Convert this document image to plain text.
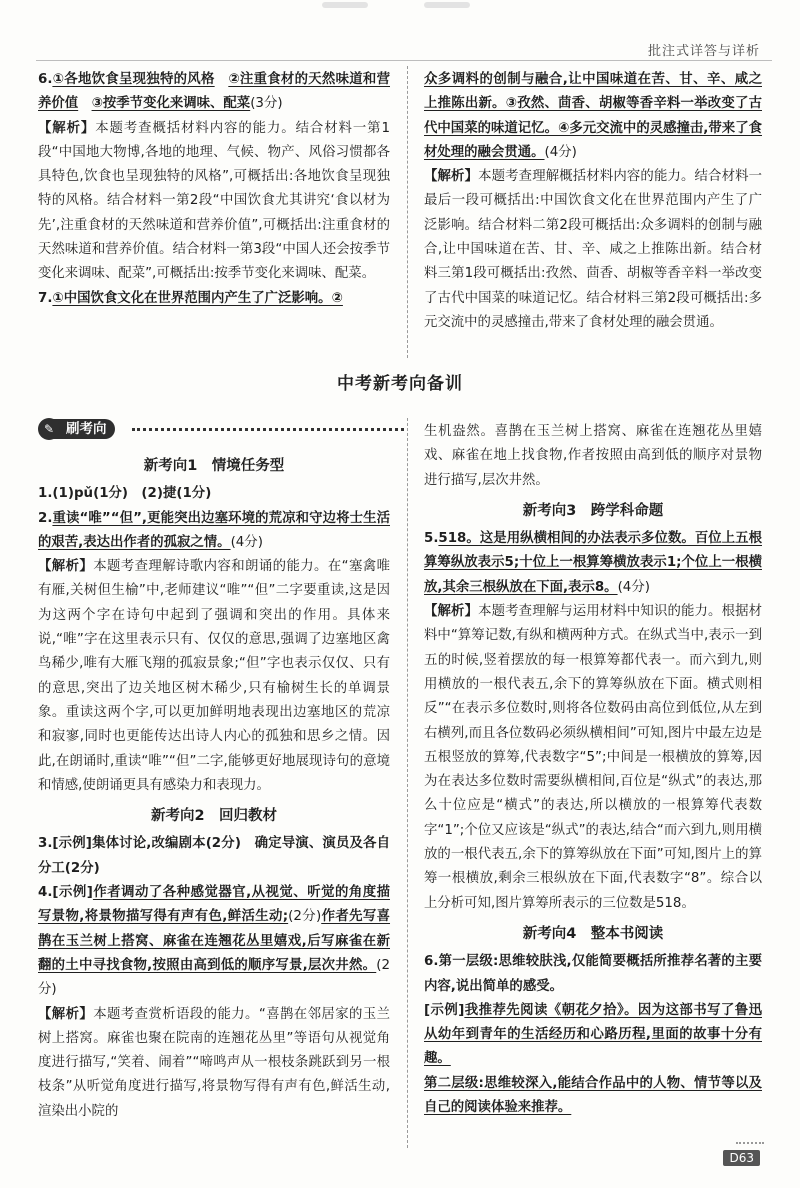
批注式详答与详析

6.①各地饮食呈现独特的风格　 ②注重食材的天然味道和营养价值　 ③按季节变化来调味、配菜(3分)

【解析】本题考查概括材料内容的能力。结合材料一第1段“中国地大物博,各地的地理、气候、物产、风俗习惯都各具特色,饮食也呈现独特的风格”,可概括出:各地饮食呈现独特的风格。结合材料一第2段“中国饮食尤其讲究‘食以材为先’,注重食材的天然味道和营养价值”,可概括出:注重食材的天然味道和营养价值。结合材料一第3段“中国人还会按季节变化来调味、配菜”,可概括出:按季节变化来调味、配菜。

7.①中国饮食文化在世界范围内产生了广泛影响。②

众多调料的创制与融合,让中国味道在苦、甘、辛、咸之上推陈出新。③孜然、茴香、胡椒等香辛料一举改变了古代中国菜的味道记忆。④多元交流中的灵感撞击,带来了食材处理的融会贯通。(4分)

【解析】本题考查理解概括材料内容的能力。结合材料一最后一段可概括出:中国饮食文化在世界范围内产生了广泛影响。结合材料二第2段可概括出:众多调料的创制与融合,让中国味道在苦、甘、辛、咸之上推陈出新。结合材料三第1段可概括出:孜然、茴香、胡椒等香辛料一举改变了古代中国菜的味道记忆。结合材料三第2段可概括出:多元交流中的灵感撞击,带来了食材处理的融会贯通。

中考新考向备训
刷考向
✎
新考向1　情境任务型

1.(1)pǔ(1分)　(2)捷(1分)

2.重读“唯”“但”,更能突出边塞环境的荒凉和守边将士生活的艰苦,表达出作者的孤寂之情。(4分)

【解析】本题考查理解诗歌内容和朗诵的能力。在“塞禽唯有雁,关树但生榆”中,老师建议“唯”“但”二字要重读,这是因为这两个字在诗句中起到了强调和突出的作用。具体来说,“唯”字在这里表示只有、仅仅的意思,强调了边塞地区禽鸟稀少,唯有大雁飞翔的孤寂景象;“但”字也表示仅仅、只有的意思,突出了边关地区树木稀少,只有榆树生长的单调景象。重读这两个字,可以更加鲜明地表现出边塞地区的荒凉和寂寥,同时也更能传达出诗人内心的孤独和思乡之情。因此,在朗诵时,重读“唯”“但”二字,能够更好地展现诗句的意境和情感,使朗诵更具有感染力和表现力。

新考向2　回归教材

3.[示例]集体讨论,改编剧本(2分)　确定导演、演员及各自分工(2分)

4.[示例]作者调动了各种感觉器官,从视觉、听觉的角度描写景物,将景物描写得有声有色,鲜活生动;(2分)作者先写喜鹊在玉兰树上搭窝、麻雀在连翘花丛里嬉戏,后写麻雀在新翻的土中寻找食物,按照由高到低的顺序写景,层次井然。(2分)

【解析】本题考查赏析语段的能力。“喜鹊在邻居家的玉兰树上搭窝。麻雀也聚在院南的连翘花丛里”等语句从视觉角度进行描写,“笑着、闹着”“啼鸣声从一根枝条跳跃到另一根枝条”从听觉角度进行描写,将景物写得有声有色,鲜活生动,渲染出小院的

生机盎然。喜鹊在玉兰树上搭窝、麻雀在连翘花丛里嬉戏、麻雀在地上找食物,作者按照由高到低的顺序对景物进行描写,层次井然。

新考向3　跨学科命题

5.518。这是用纵横相间的办法表示多位数。百位上五根算筹纵放表示5;十位上一根算筹横放表示1;个位上一根横放,其余三根纵放在下面,表示8。(4分)

【解析】本题考查理解与运用材料中知识的能力。根据材料中“算筹记数,有纵和横两种方式。在纵式当中,表示一到五的时候,竖着摆放的每一根算筹都代表一。而六到九,则用横放的一根代表五,余下的算筹纵放在下面。横式则相反”“在表示多位数时,则将各位数码由高位到低位,从左到右横列,而且各位数码必须纵横相间”可知,图片中最左边是五根竖放的算筹,代表数字“5”;中间是一根横放的算筹,因为在表达多位数时需要纵横相间,百位是“纵式”的表达,那么十位应是“横式”的表达,所以横放的一根算筹代表数字“1”;个位又应该是“纵式”的表达,结合“而六到九,则用横放的一根代表五,余下的算筹纵放在下面”可知,图片上的算筹一根横放,剩余三根纵放在下面,代表数字“8”。综合以上分析可知,图片算筹所表示的三位数是518。

新考向4　整本书阅读

6.第一层级:思维较肤浅,仅能简要概括所推荐名著的主要内容,说出简单的感受。

[示例]我推荐先阅读《朝花夕拾》。因为这部书写了鲁迅从幼年到青年的生活经历和心路历程,里面的故事十分有趣。

第二层级:思维较深入,能结合作品中的人物、情节等以及自己的阅读体验来推荐。

D63
